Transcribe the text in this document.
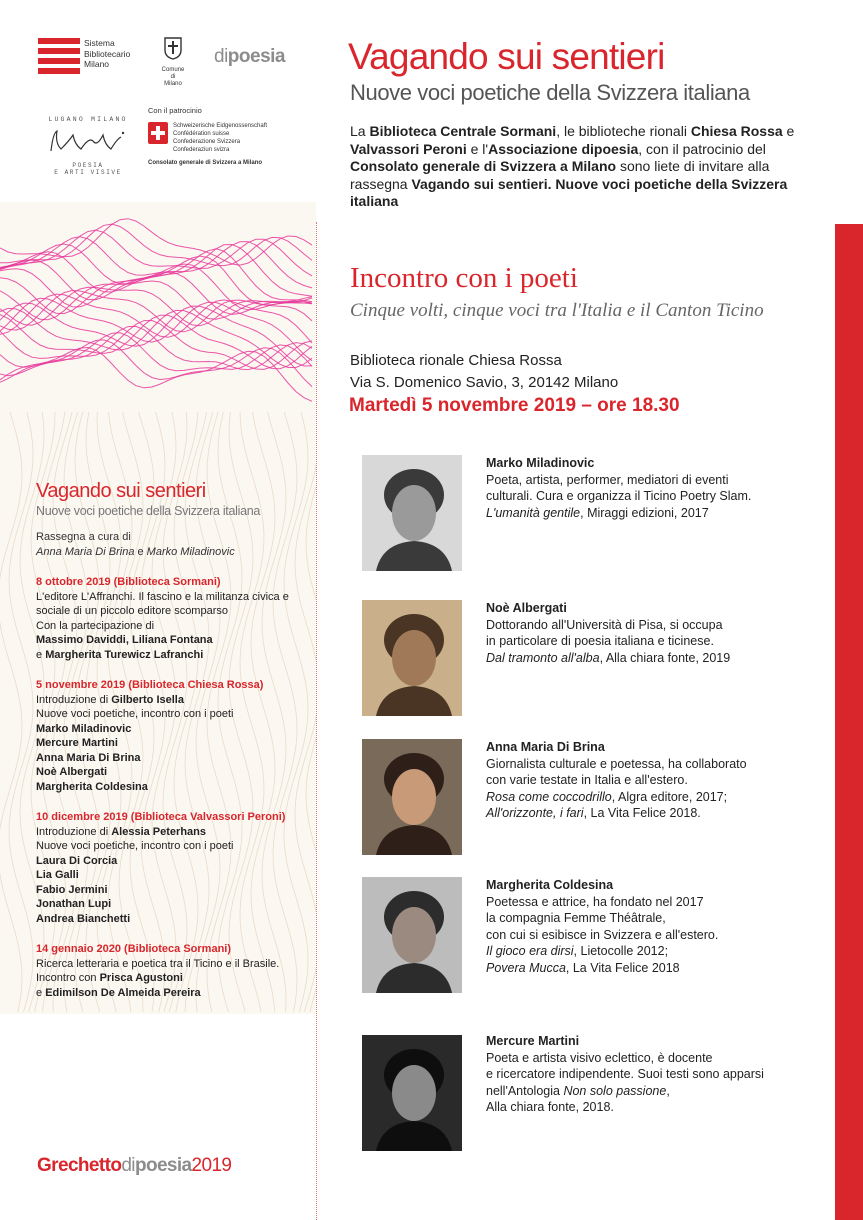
Sistema
Bibliotecario
Milano
Comune
di
Milano
dipoesia
LUGANO MILANO
POESIA
E ARTI VISIVE
Con il patrocinio
Schweizerische Eidgenossenschaft
Confédération suisse
Confederazione Svizzera
Confederaziun svizra
Consolato generale di Svizzera a Milano
Vagando sui sentieri
Nuove voci poetiche della Svizzera italiana
La Biblioteca Centrale Sormani, le biblioteche rionali Chiesa Rossa e Valvassori Peroni e l'Associazione dipoesia, con il patrocinio del Consolato generale di Svizzera a Milano sono liete di invitare alla rassegna Vagando sui sentieri. Nuove voci poetiche della Svizzera italiana
Vagando sui sentieri
Nuove voci poetiche della Svizzera italiana
Rassegna a cura di
Anna Maria Di Brina e Marko Miladinovic
8 ottobre 2019 (Biblioteca Sormani)
L'editore L'Affranchi. Il fascino e la militanza civica e sociale di un piccolo editore scomparso
Con la partecipazione di
Massimo Daviddi, Liliana Fontana
e Margherita Turewicz Lafranchi
5 novembre 2019 (Biblioteca Chiesa Rossa)
Introduzione di Gilberto Isella
Nuove voci poetiche, incontro con i poeti
Marko Miladinovic
Mercure Martini
Anna Maria Di Brina
Noè Albergati
Margherita Coldesina
10 dicembre 2019 (Biblioteca Valvassori Peroni)
Introduzione di Alessia Peterhans
Nuove voci poetiche, incontro con i poeti
Laura Di Corcia
Lia Galli
Fabio Jermini
Jonathan Lupi
Andrea Bianchetti
14 gennaio 2020 (Biblioteca Sormani)
Ricerca letteraria e poetica tra il Ticino e il Brasile.
Incontro con Prisca Agustoni
e Edimilson De Almeida Pereira
Grechettodipoesia2019
Incontro con i poeti
Cinque volti, cinque voci tra l'Italia e il Canton Ticino
Biblioteca rionale Chiesa Rossa
Via S. Domenico Savio, 3, 20142 Milano
Martedì 5 novembre 2019 – ore 18.30
Marko Miladinovic
Poeta, artista, performer, mediatori di eventi
culturali. Cura e organizza il Ticino Poetry Slam.
L'umanità gentile, Miraggi edizioni, 2017
Noè Albergati
Dottorando all'Università di Pisa, si occupa
in particolare di poesia italiana e ticinese.
Dal tramonto all'alba, Alla chiara fonte, 2019
Anna Maria Di Brina
Giornalista culturale e poetessa, ha collaborato
con varie testate in Italia e all'estero.
Rosa come coccodrillo, Algra editore, 2017;
All'orizzonte, i fari, La Vita Felice 2018.
Margherita Coldesina
Poetessa e attrice, ha fondato nel 2017
la compagnia Femme Théâtrale,
con cui si esibisce in Svizzera e all'estero.
Il gioco era dirsi, Lietocolle 2012;
Povera Mucca, La Vita Felice 2018
Mercure Martini
Poeta e artista visivo eclettico, è docente
e ricercatore indipendente. Suoi testi sono apparsi
nell'Antologia Non solo passione,
Alla chiara fonte, 2018.
